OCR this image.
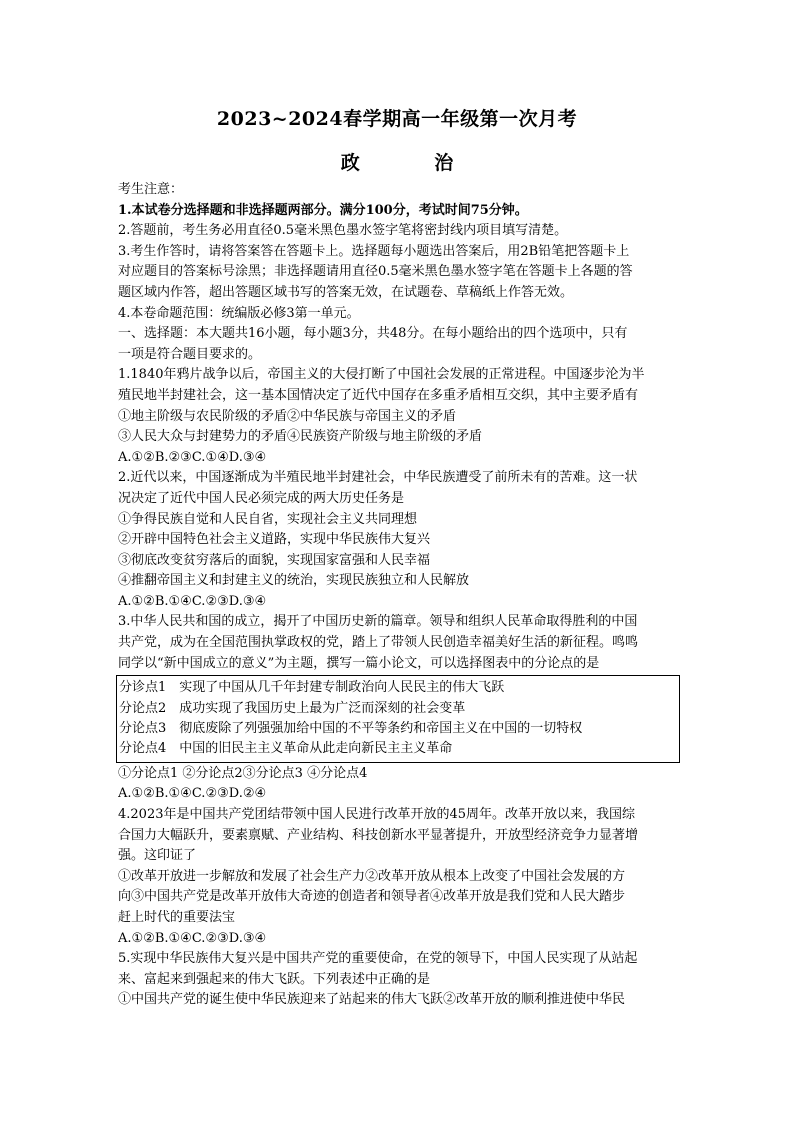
2023~2024春学期高一年级第一次月考
政 治
考生注意：
1.本试卷分选择题和非选择题两部分。满分100分，考试时间75分钟。
2.答题前，考生务必用直径0.5毫米黑色墨水签字笔将密封线内项目填写清楚。
3.考生作答时，请将答案答在答题卡上。选择题每小题选出答案后，用2B铅笔把答题卡上
对应题目的答案标号涂黑；非选择题请用直径0.5毫米黑色墨水签字笔在答题卡上各题的答
题区域内作答，超出答题区域书写的答案无效，在试题卷、草稿纸上作答无效。
4.本卷命题范围：统编版必修3第一单元。
一、选择题：本大题共16小题，每小题3分，共48分。在每小题给出的四个选项中，只有
一项是符合题目要求的。
1.1840年鸦片战争以后，帝国主义的大侵打断了中国社会发展的正常进程。中国逐步沦为半
殖民地半封建社会，这一基本国情决定了近代中国存在多重矛盾相互交织，其中主要矛盾有
①地主阶级与农民阶级的矛盾②中华民族与帝国主义的矛盾
③人民大众与封建势力的矛盾④民族资产阶级与地主阶级的矛盾
A.①②B.②③C.①④D.③④
2.近代以来，中国逐渐成为半殖民地半封建社会，中华民族遭受了前所未有的苦难。这一状
况决定了近代中国人民必须完成的两大历史任务是
①争得民族自觉和人民自省，实现社会主义共同理想
②开辟中国特色社会主义道路，实现中华民族伟大复兴
③彻底改变贫穷落后的面貌，实现国家富强和人民幸福
④推翻帝国主义和封建主义的统治，实现民族独立和人民解放
A.①②B.①④C.②③D.③④
3.中华人民共和国的成立，揭开了中国历史新的篇章。领导和组织人民革命取得胜利的中国
共产党，成为在全国范围执掌政权的党，踏上了带领人民创造幸福美好生活的新征程。鸣鸣
同学以“新中国成立的意义”为主题，撰写一篇小论文，可以选择图表中的分论点的是
分诊点1　实现了中国从几千年封建专制政治向人民民主的伟大飞跃
分论点2　成功实现了我国历史上最为广泛而深刻的社会变革
分论点3　彻底废除了列强强加给中国的不平等条约和帝国主义在中国的一切特权
分论点4　中国的旧民主主义革命从此走向新民主主义革命
①分论点1 ②分论点2③分论点3 ④分论点4
A.①②B.①④C.②③D.②④
4.2023年是中国共产党团结带领中国人民进行改革开放的45周年。改革开放以来，我国综
合国力大幅跃升，要素禀赋、产业结构、科技创新水平显著提升，开放型经济竞争力显著增
强。这印证了
①改革开放进一步解放和发展了社会生产力②改革开放从根本上改变了中国社会发展的方
向③中国共产党是改革开放伟大奇迹的创造者和领导者④改革开放是我们党和人民大踏步
赶上时代的重要法宝
A.①②B.①④C.②③D.③④
5.实现中华民族伟大复兴是中国共产党的重要使命，在党的领导下，中国人民实现了从站起
来、富起来到强起来的伟大飞跃。下列表述中正确的是
①中国共产党的诞生使中华民族迎来了站起来的伟大飞跃②改革开放的顺利推进使中华民
